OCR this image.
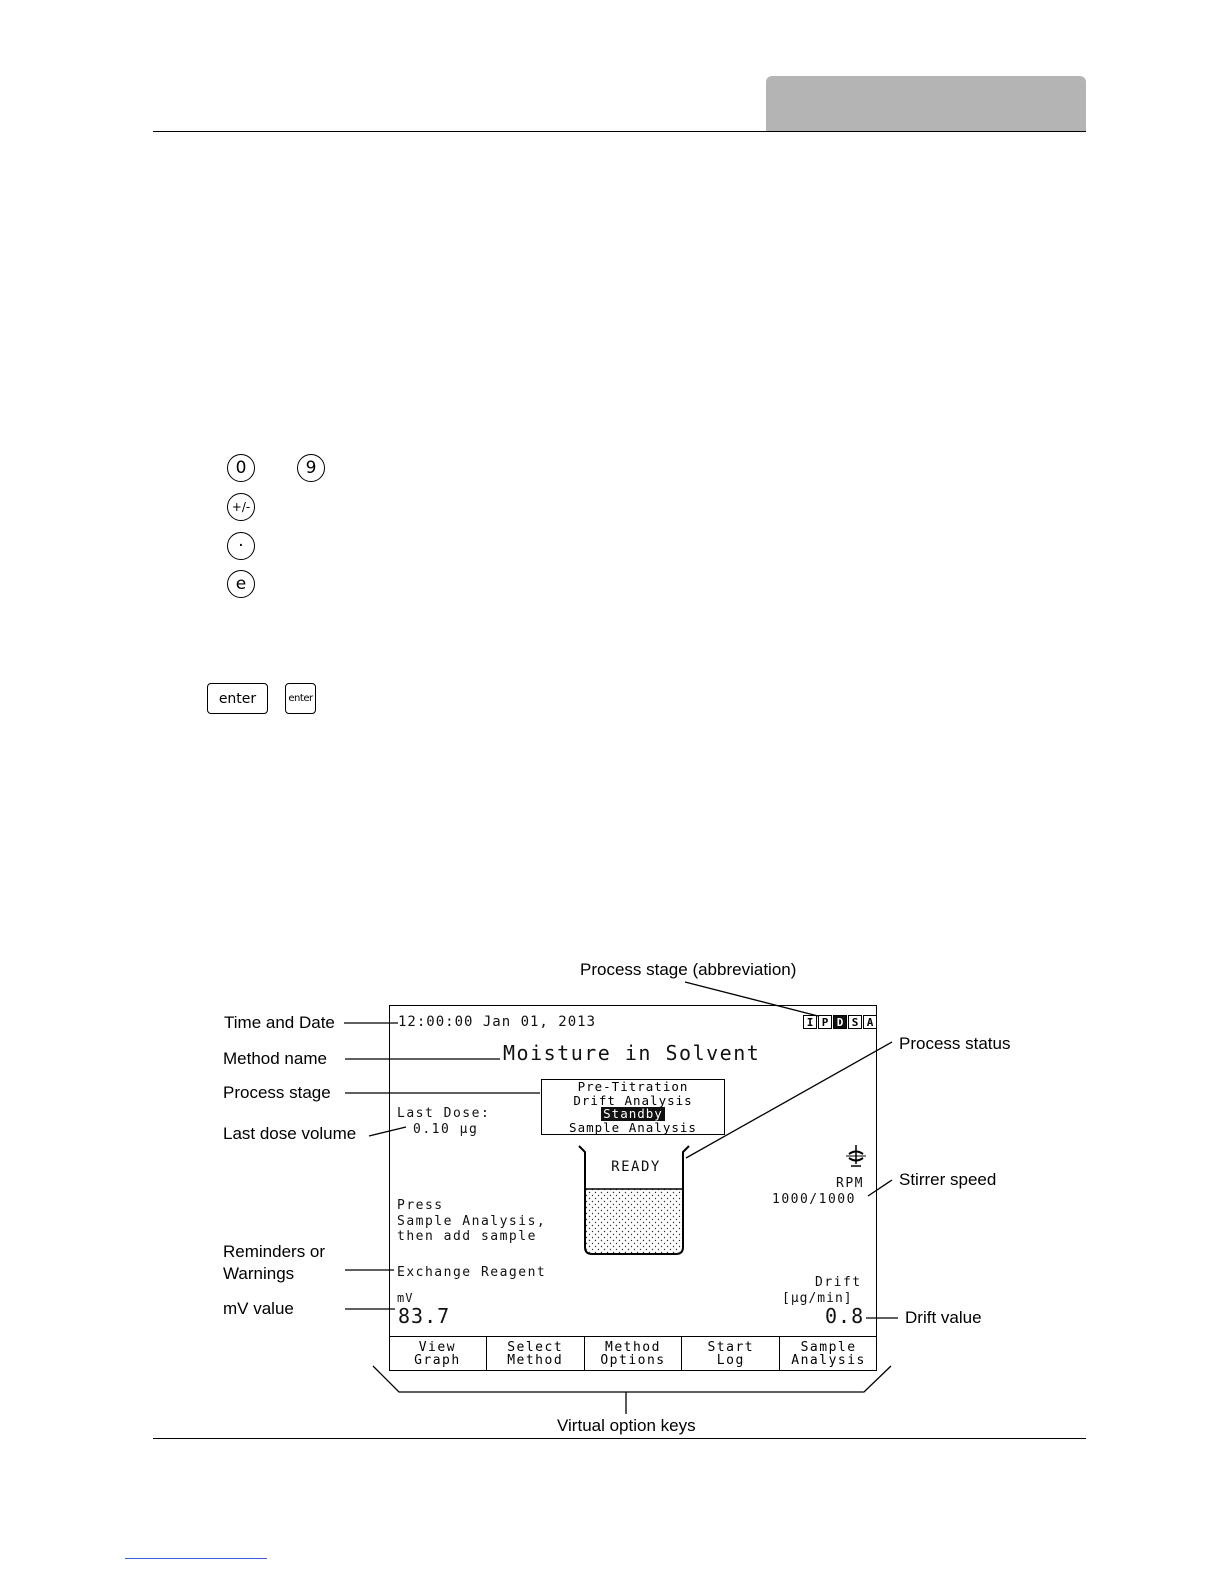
0	9
+/-
·
e
enter	enter
Process stage (abbreviation)
12:00:00 Jan 01, 2013	I P D S A
Moisture in Solvent
Pre-Titration
Drift Analysis
Standby
Sample Analysis
Last Dose:
0.10 µg
READY
RPM
1000/1000
Press
Sample Analysis,
then add sample
Exchange Reagent
mV
83.7
Drift
[µg/min]
0.8
View
Graph
Select
Method
Method
Options
Start
Log
Sample
Analysis
Time and Date
Method name
Process status
Process stage
Last dose volume
Stirrer speed
Reminders or
Warnings
mV value	Drift value
Virtual option keys
